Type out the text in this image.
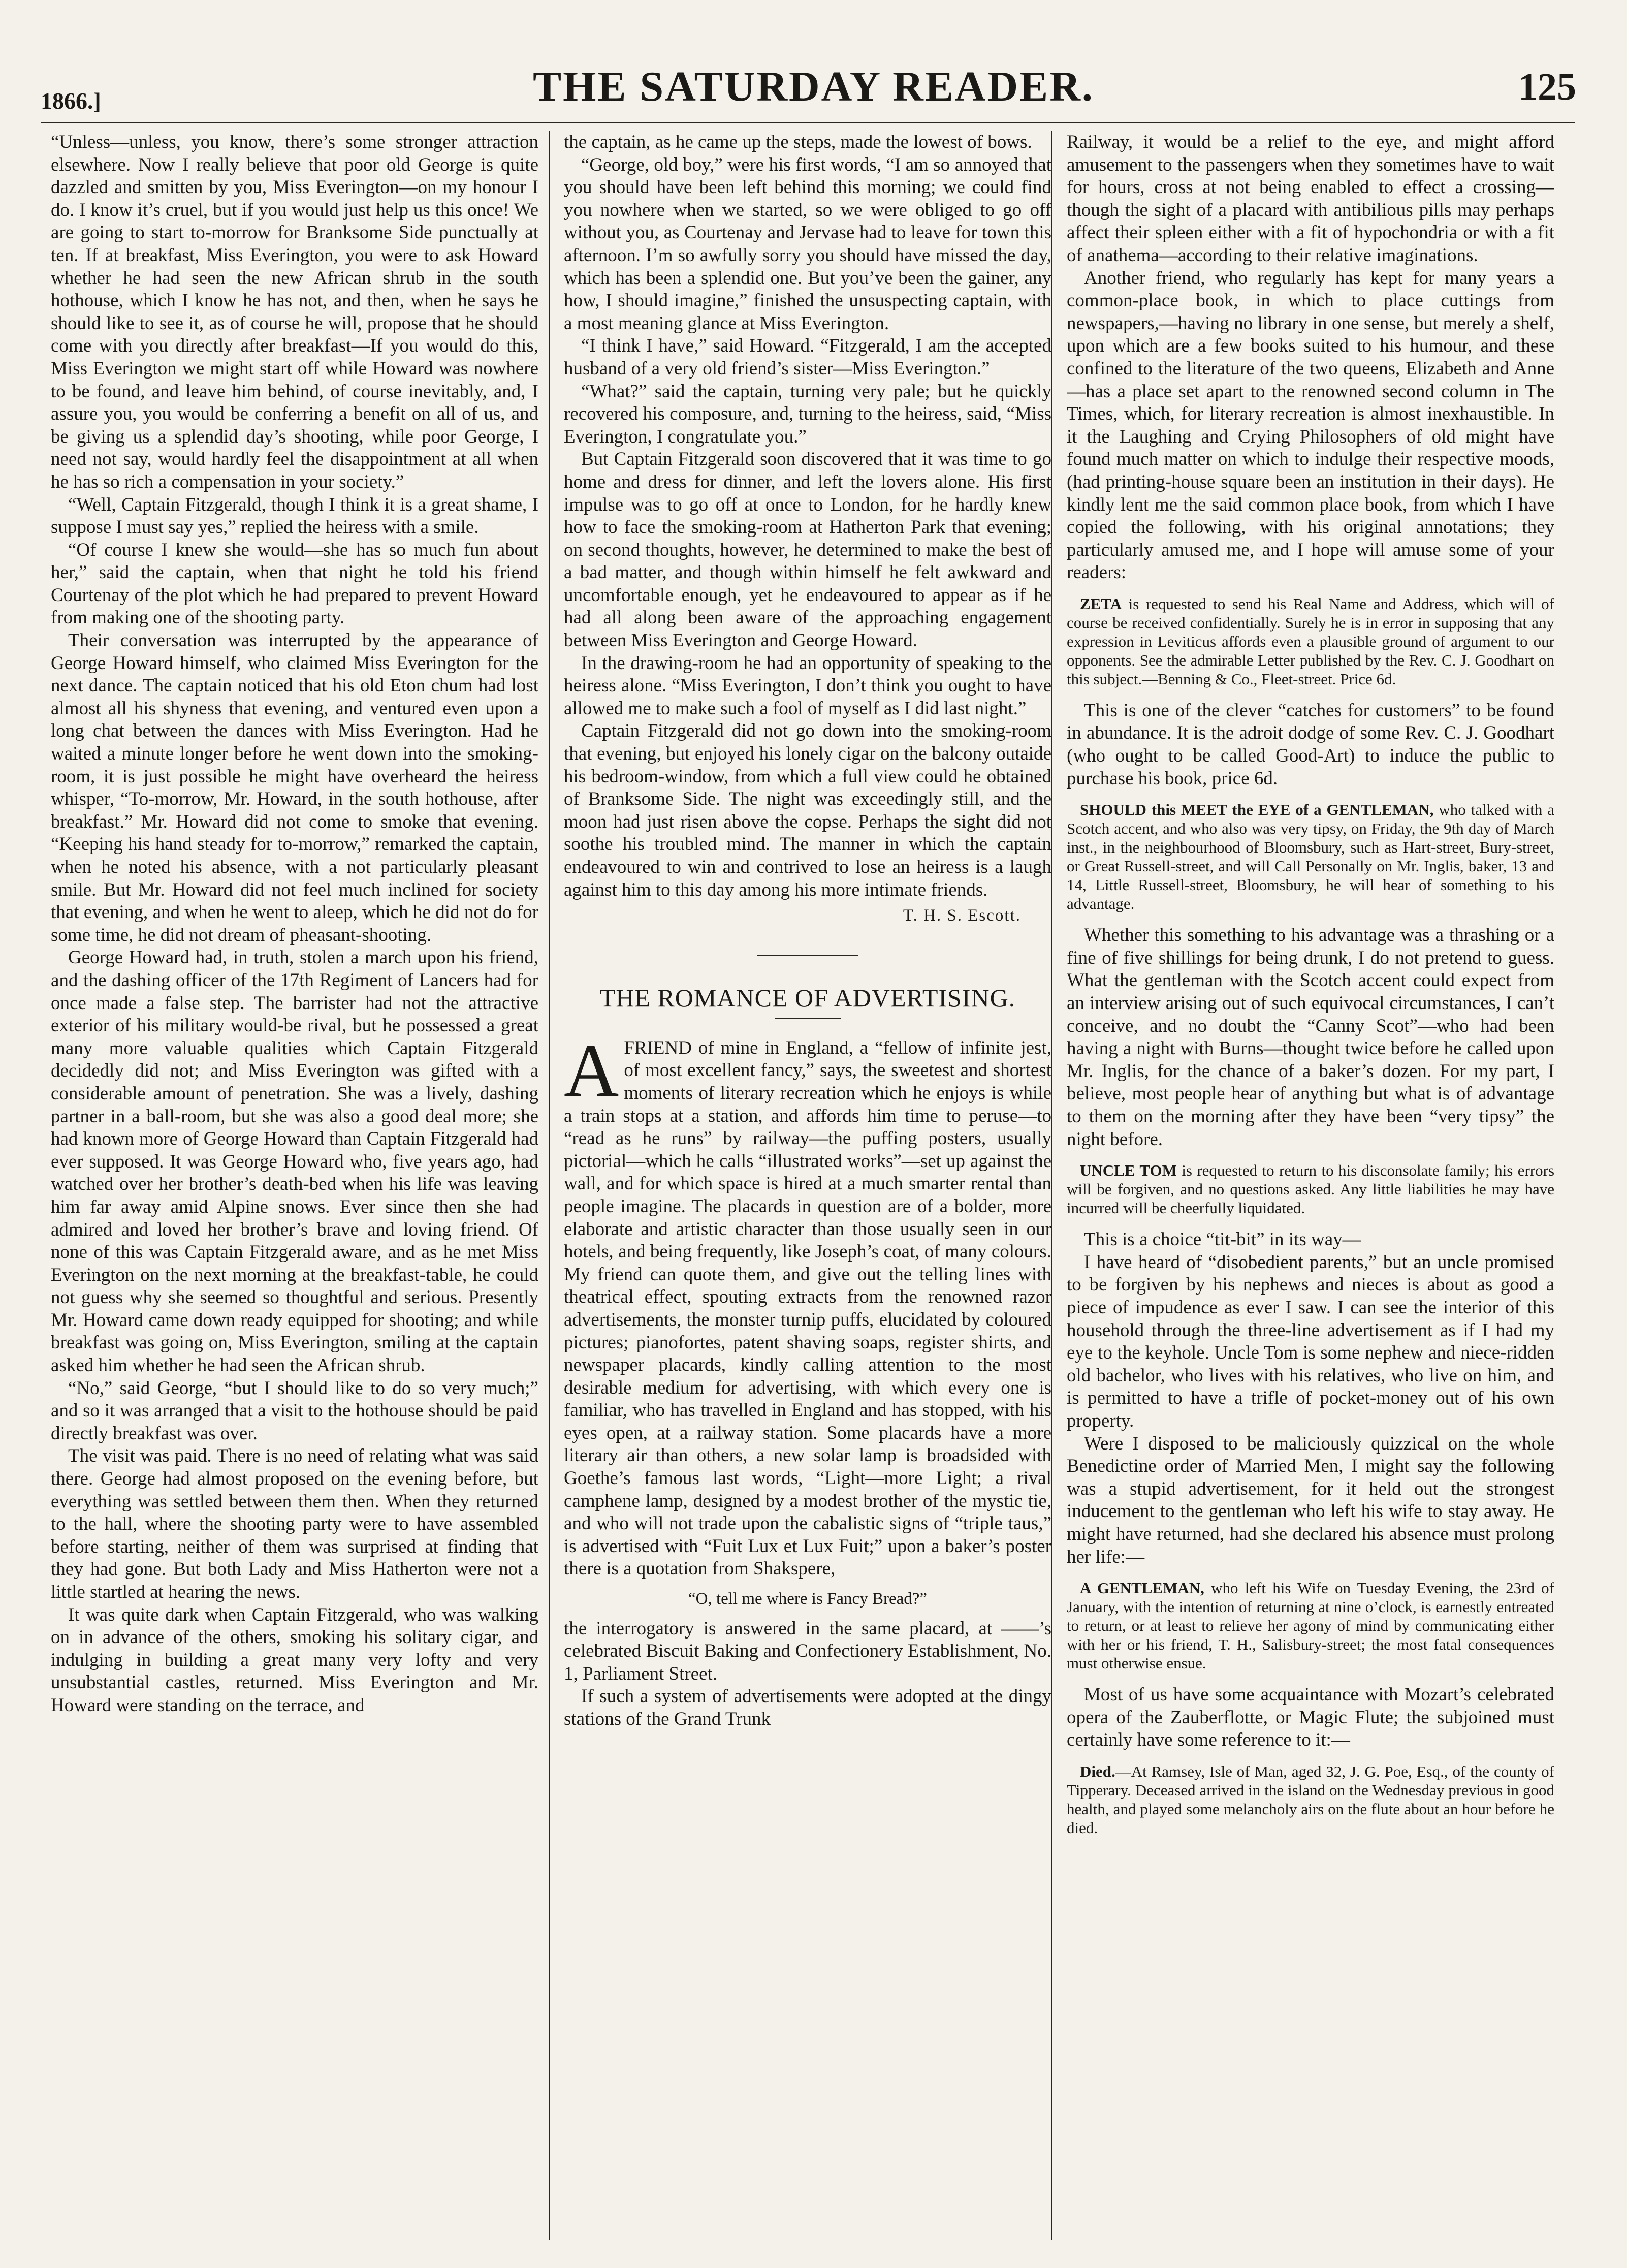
1866.]	THE SATURDAY READER.	125

“Unless—unless, you know, there’s some stronger attraction elsewhere. Now I really believe that poor old George is quite dazzled and smitten by you, Miss Everington—on my honour I do. I know it’s cruel, but if you would just help us this once! We are going to start to-morrow for Branksome Side punctually at ten. If at breakfast, Miss Everington, you were to ask Howard whether he had seen the new African shrub in the south hothouse, which I know he has not, and then, when he says he should like to see it, as of course he will, propose that he should come with you directly after breakfast—If you would do this, Miss Everington we might start off while Howard was nowhere to be found, and leave him behind, of course inevitably, and, I assure you, you would be conferring a benefit on all of us, and be giving us a splendid day’s shooting, while poor George, I need not say, would hardly feel the disappointment at all when he has so rich a compensation in your society.”

“Well, Captain Fitzgerald, though I think it is a great shame, I suppose I must say yes,” replied the heiress with a smile.

“Of course I knew she would—she has so much fun about her,” said the captain, when that night he told his friend Courtenay of the plot which he had prepared to prevent Howard from making one of the shooting party.

Their conversation was interrupted by the appearance of George Howard himself, who claimed Miss Everington for the next dance. The captain noticed that his old Eton chum had lost almost all his shyness that evening, and ventured even upon a long chat between the dances with Miss Everington. Had he waited a minute longer before he went down into the smoking-room, it is just possible he might have overheard the heiress whisper, “To-morrow, Mr. Howard, in the south hothouse, after breakfast.” Mr. Howard did not come to smoke that evening. “Keeping his hand steady for to-morrow,” remarked the captain, when he noted his absence, with a not particularly pleasant smile. But Mr. Howard did not feel much inclined for society that evening, and when he went to aleep, which he did not do for some time, he did not dream of pheasant-shooting.

George Howard had, in truth, stolen a march upon his friend, and the dashing officer of the 17th Regiment of Lancers had for once made a false step. The barrister had not the attractive exterior of his military would-be rival, but he possessed a great many more valuable qualities which Captain Fitzgerald decidedly did not; and Miss Everington was gifted with a considerable amount of penetration. She was a lively, dashing partner in a ball-room, but she was also a good deal more; she had known more of George Howard than Captain Fitzgerald had ever supposed. It was George Howard who, five years ago, had watched over her brother’s death-bed when his life was leaving him far away amid Alpine snows. Ever since then she had admired and loved her brother’s brave and loving friend. Of none of this was Captain Fitzgerald aware, and as he met Miss Everington on the next morning at the breakfast-table, he could not guess why she seemed so thoughtful and serious. Presently Mr. Howard came down ready equipped for shooting; and while breakfast was going on, Miss Everington, smiling at the captain asked him whether he had seen the African shrub.

“No,” said George, “but I should like to do so very much;” and so it was arranged that a visit to the hothouse should be paid directly breakfast was over.

The visit was paid. There is no need of relating what was said there. George had almost proposed on the evening before, but everything was settled between them then. When they returned to the hall, where the shooting party were to have assembled before starting, neither of them was surprised at finding that they had gone. But both Lady and Miss Hatherton were not a little startled at hearing the news.

It was quite dark when Captain Fitzgerald, who was walking on in advance of the others, smoking his solitary cigar, and indulging in building a great many very lofty and very unsubstantial castles, returned. Miss Everington and Mr. Howard were standing on the terrace, and

the captain, as he came up the steps, made the lowest of bows.

“George, old boy,” were his first words, “I am so annoyed that you should have been left behind this morning; we could find you nowhere when we started, so we were obliged to go off without you, as Courtenay and Jervase had to leave for town this afternoon. I’m so awfully sorry you should have missed the day, which has been a splendid one. But you’ve been the gainer, any how, I should imagine,” finished the unsuspecting captain, with a most meaning glance at Miss Everington.

“I think I have,” said Howard. “Fitzgerald, I am the accepted husband of a very old friend’s sister—Miss Everington.”

“What?” said the captain, turning very pale; but he quickly recovered his composure, and, turning to the heiress, said, “Miss Everington, I congratulate you.”

But Captain Fitzgerald soon discovered that it was time to go home and dress for dinner, and left the lovers alone. His first impulse was to go off at once to London, for he hardly knew how to face the smoking-room at Hatherton Park that evening; on second thoughts, however, he determined to make the best of a bad matter, and though within himself he felt awkward and uncomfortable enough, yet he endeavoured to appear as if he had all along been aware of the approaching engagement between Miss Everington and George Howard.

In the drawing-room he had an opportunity of speaking to the heiress alone. “Miss Everington, I don’t think you ought to have allowed me to make such a fool of myself as I did last night.”

Captain Fitzgerald did not go down into the smoking-room that evening, but enjoyed his lonely cigar on the balcony outaide his bedroom-window, from which a full view could he obtained of Branksome Side. The night was exceedingly still, and the moon had just risen above the copse. Perhaps the sight did not soothe his troubled mind. The manner in which the captain endeavoured to win and contrived to lose an heiress is a laugh against him to this day among his more intimate friends.

T. H. S. Escott.

THE ROMANCE OF ADVERTISING.

AFRIEND of mine in England, a “fellow of infinite jest, of most excellent fancy,” says, the sweetest and shortest moments of literary recreation which he enjoys is while a train stops at a station, and affords him time to peruse—to “read as he runs” by railway—the puffing posters, usually pictorial—which he calls “illustrated works”—set up against the wall, and for which space is hired at a much smarter rental than people imagine. The placards in question are of a bolder, more elaborate and artistic character than those usually seen in our hotels, and being frequently, like Joseph’s coat, of many colours. My friend can quote them, and give out the telling lines with theatrical effect, spouting extracts from the renowned razor advertisements, the monster turnip puffs, elucidated by coloured pictures; pianofortes, patent shaving soaps, register shirts, and newspaper placards, kindly calling attention to the most desirable medium for advertising, with which every one is familiar, who has travelled in England and has stopped, with his eyes open, at a railway station. Some placards have a more literary air than others, a new solar lamp is broadsided with Goethe’s famous last words, “Light—more Light; a rival camphene lamp, designed by a modest brother of the mystic tie, and who will not trade upon the cabalistic signs of “triple taus,” is advertised with “Fuit Lux et Lux Fuit;” upon a baker’s poster there is a quotation from Shakspere,

“O, tell me where is Fancy Bread?”

the interrogatory is answered in the same placard, at ——’s celebrated Biscuit Baking and Confectionery Establishment, No. 1, Parliament Street.

If such a system of advertisements were adopted at the dingy stations of the Grand Trunk

Railway, it would be a relief to the eye, and might afford amusement to the passengers when they sometimes have to wait for hours, cross at not being enabled to effect a crossing—though the sight of a placard with antibilious pills may perhaps affect their spleen either with a fit of hypochondria or with a fit of anathema—according to their relative imaginations.

Another friend, who regularly has kept for many years a common-place book, in which to place cuttings from newspapers,—having no library in one sense, but merely a shelf, upon which are a few books suited to his humour, and these confined to the literature of the two queens, Elizabeth and Anne—has a place set apart to the renowned second column in The Times, which, for literary recreation is almost inexhaustible. In it the Laughing and Crying Philosophers of old might have found much matter on which to indulge their respective moods, (had printing-house square been an institution in their days). He kindly lent me the said common place book, from which I have copied the following, with his original annotations; they particularly amused me, and I hope will amuse some of your readers:

ZETA is requested to send his Real Name and Address, which will of course be received confidentially. Surely he is in error in supposing that any expression in Leviticus affords even a plausible ground of argument to our opponents. See the admirable Letter published by the Rev. C. J. Goodhart on this subject.—Benning & Co., Fleet-street. Price 6d.

This is one of the clever “catches for customers” to be found in abundance. It is the adroit dodge of some Rev. C. J. Goodhart (who ought to be called Good-Art) to induce the public to purchase his book, price 6d.

SHOULD this MEET the EYE of a GENTLEMAN, who talked with a Scotch accent, and who also was very tipsy, on Friday, the 9th day of March inst., in the neighbourhood of Bloomsbury, such as Hart-street, Bury-street, or Great Russell-street, and will Call Personally on Mr. Inglis, baker, 13 and 14, Little Russell-street, Bloomsbury, he will hear of something to his advantage.

Whether this something to his advantage was a thrashing or a fine of five shillings for being drunk, I do not pretend to guess. What the gentleman with the Scotch accent could expect from an interview arising out of such equivocal circumstances, I can’t conceive, and no doubt the “Canny Scot”—who had been having a night with Burns—thought twice before he called upon Mr. Inglis, for the chance of a baker’s dozen. For my part, I believe, most people hear of anything but what is of advantage to them on the morning after they have been “very tipsy” the night before.

UNCLE TOM is requested to return to his disconsolate family; his errors will be forgiven, and no questions asked. Any little liabilities he may have incurred will be cheerfully liquidated.

This is a choice “tit-bit” in its way—

I have heard of “disobedient parents,” but an uncle promised to be forgiven by his nephews and nieces is about as good a piece of impudence as ever I saw. I can see the interior of this household through the three-line advertisement as if I had my eye to the keyhole. Uncle Tom is some nephew and niece-ridden old bachelor, who lives with his relatives, who live on him, and is permitted to have a trifle of pocket-money out of his own property.

Were I disposed to be maliciously quizzical on the whole Benedictine order of Married Men, I might say the following was a stupid advertisement, for it held out the strongest inducement to the gentleman who left his wife to stay away. He might have returned, had she declared his absence must prolong her life:—

A GENTLEMAN, who left his Wife on Tuesday Evening, the 23rd of January, with the intention of returning at nine o’clock, is earnestly entreated to return, or at least to relieve her agony of mind by communicating either with her or his friend, T. H., Salisbury-street; the most fatal consequences must otherwise ensue.

Most of us have some acquaintance with Mozart’s celebrated opera of the Zauberflotte, or Magic Flute; the subjoined must certainly have some reference to it:—

Died.—At Ramsey, Isle of Man, aged 32, J. G. Poe, Esq., of the county of Tipperary. Deceased arrived in the island on the Wednesday previous in good health, and played some melancholy airs on the flute about an hour before he died.
